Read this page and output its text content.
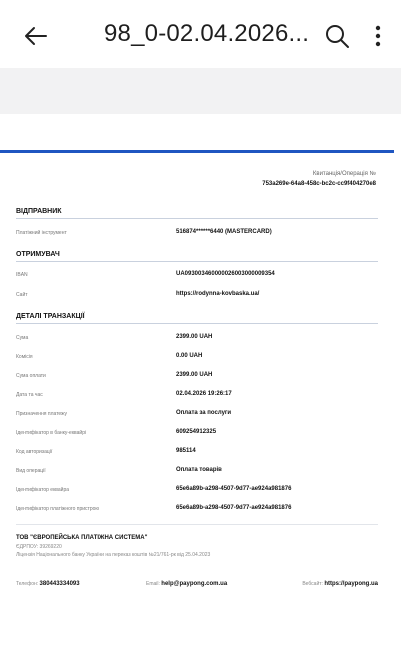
98_0-02.04.2026...
Квитанція/Операція №
753a269e-64a8-458c-bc2c-cc9f404270e8
ВІДПРАВНИК
Платіжний інструмент	516874******6440 (MASTERCARD)
ОТРИМУВАЧ
IBAN	UA093003460000026003000009354
Сайт	https://rodynna-kovbaska.ua/
ДЕТАЛІ ТРАНЗАКЦІЇ
Сума	2399.00 UAH
Комісія	0.00 UAH
Сума оплати	2399.00 UAH
Дата та час	02.04.2026 19:26:17
Призначення платежу	Оплата за послуги
Ідентифікатор в банку-еквайрі	609254912325
Код авторизації	985114
Вид операції	Оплата товарів
Ідентифікатор еквайра	65e6a89b-a298-4507-9d77-ae924a981876
Ідентифікатор платіжного пристрою	65e6a89b-a298-4507-9d77-ae924a981876
ТОВ "ЄВРОПЕЙСЬКА ПЛАТІЖНА СИСТЕМА"
ЄДРПОУ: 39269220
Ліцензія Національного банку України на переказ коштів №21/761-рк від 25.04.2023
Телефон: 380443334093	Email: help@paypong.com.ua	Вебсайт: https://paypong.ua
